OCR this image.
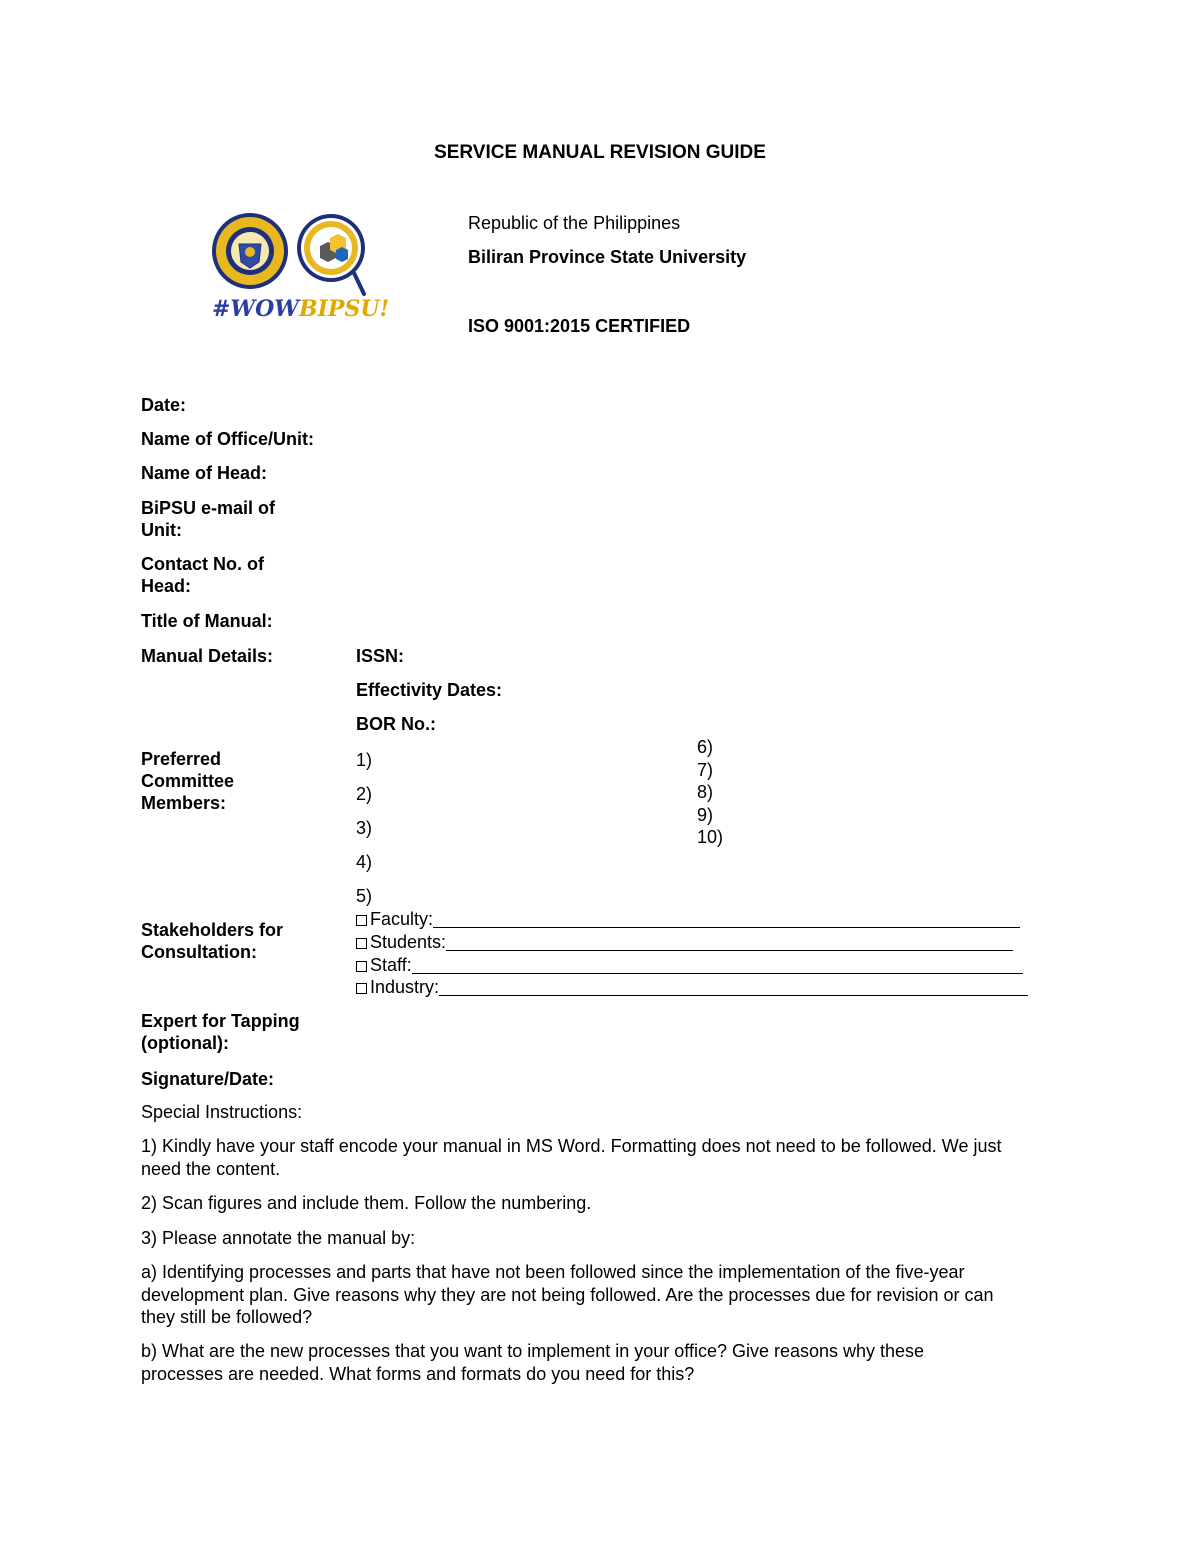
SERVICE MANUAL REVISION GUIDE
#WOWBIPSU!
Republic of the Philippines
Biliran Province State University
ISO 9001:2015 CERTIFIED
Date:
Name of Office/Unit:
Name of Head:
BiPSU e-mail of
Unit:
Contact No. of
Head:
Title of Manual:
Manual Details:	ISSN:
Effectivity Dates:
BOR No.:
Preferred
Committee
Members:
1)
2)
3)
4)
5)
6)
7)
8)
9)
10)
Stakeholders for
Consultation:
Faculty:
Students:
Staff:
Industry:
Expert for Tapping
(optional):
Signature/Date:
Special Instructions:
1) Kindly have your staff encode your manual in MS Word. Formatting does not need to be followed. We just need the content.
2) Scan figures and include them. Follow the numbering.
3) Please annotate the manual by:
a) Identifying processes and parts that have not been followed since the implementation of the five-year development plan. Give reasons why they are not being followed. Are the processes due for revision or can they still be followed?
b) What are the new processes that you want to implement in your office? Give reasons why these processes are needed. What forms and formats do you need for this?
